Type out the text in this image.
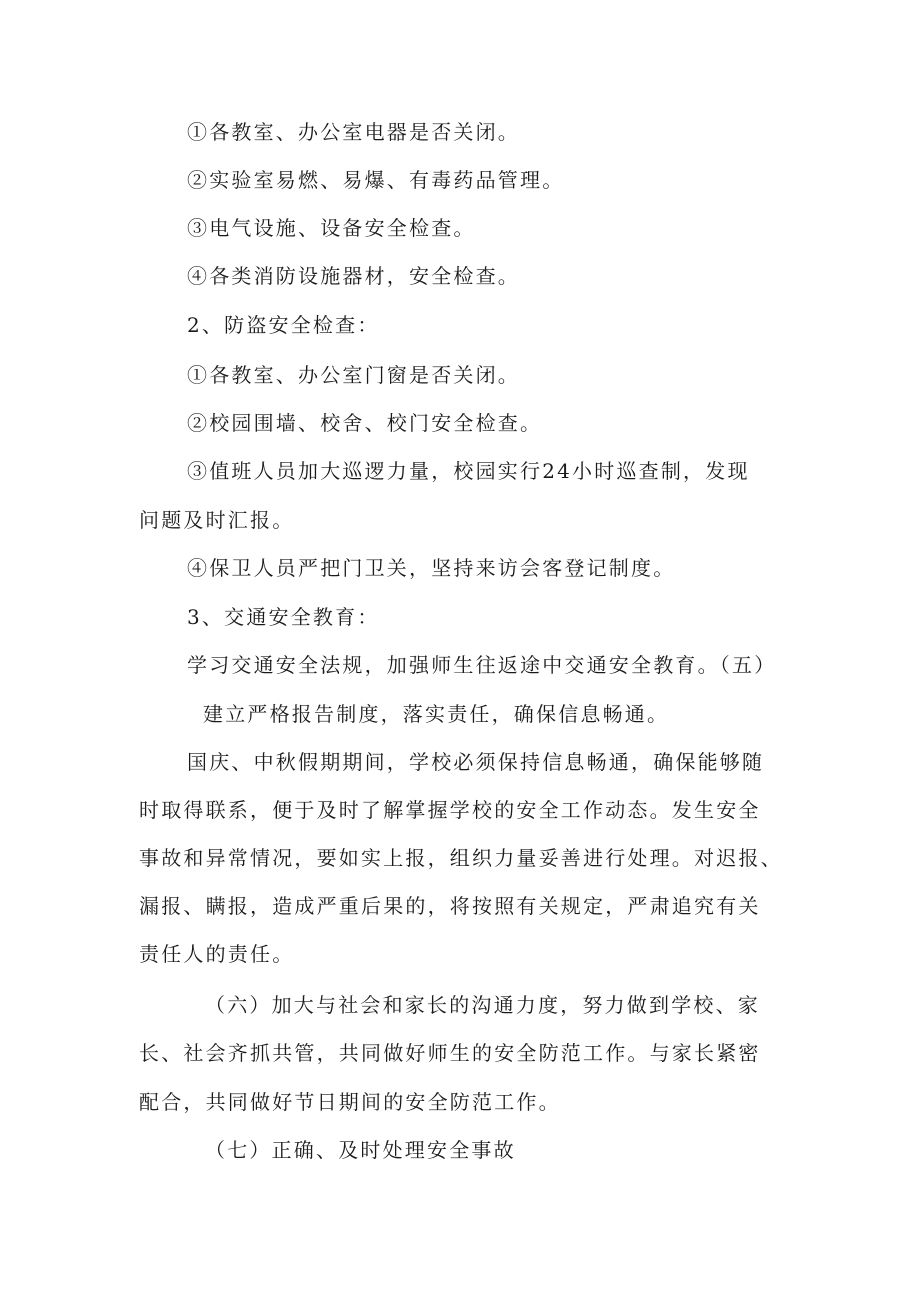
①各教室、办公室电器是否关闭。

②实验室易燃、易爆、有毒药品管理。

③电气设施、设备安全检查。

④各类消防设施器材，安全检查。

2、防盗安全检查：

①各教室、办公室门窗是否关闭。

②校园围墙、校舍、校门安全检查。

③值班人员加大巡逻力量，校园实行24小时巡查制，发现

问题及时汇报。

④保卫人员严把门卫关，坚持来访会客登记制度。

3、交通安全教育：

学习交通安全法规，加强师生往返途中交通安全教育。（五）

建立严格报告制度，落实责任，确保信息畅通。

国庆、中秋假期期间，学校必须保持信息畅通，确保能够随

时取得联系，便于及时了解掌握学校的安全工作动态。发生安全

事故和异常情况，要如实上报，组织力量妥善进行处理。对迟报、

漏报、瞒报，造成严重后果的，将按照有关规定，严肃追究有关

责任人的责任。

（六）加大与社会和家长的沟通力度，努力做到学校、家

长、社会齐抓共管，共同做好师生的安全防范工作。与家长紧密

配合，共同做好节日期间的安全防范工作。

（七）正确、及时处理安全事故
